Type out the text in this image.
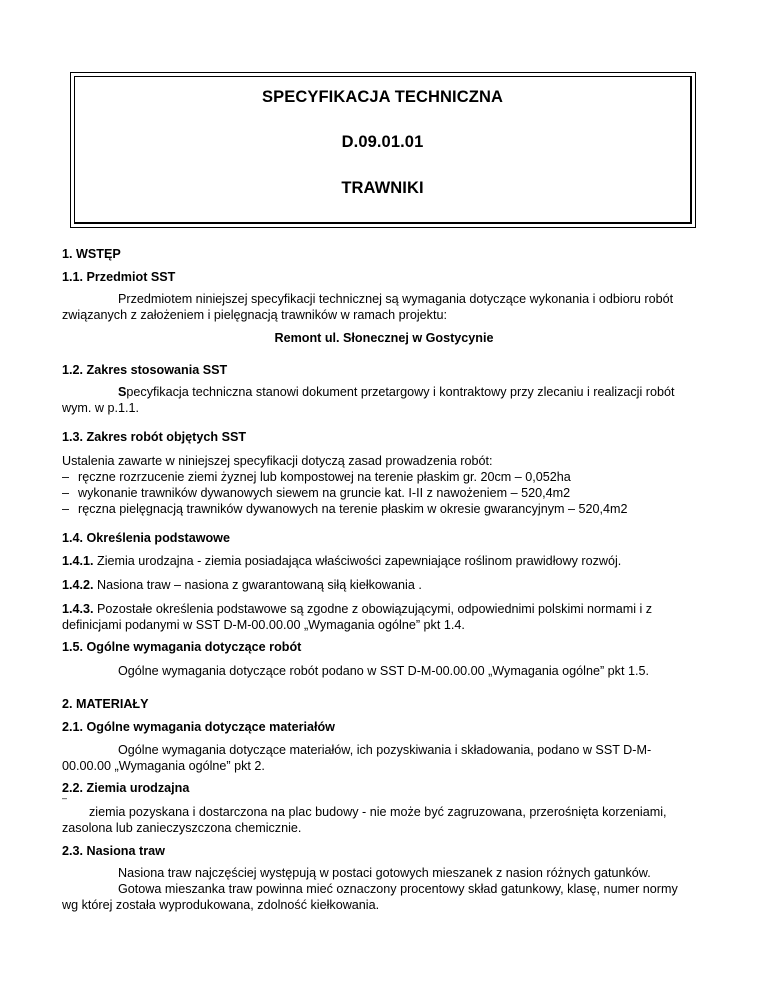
SPECYFIKACJA TECHNICZNA
D.09.01.01
TRAWNIKI
1. WSTĘP
1.1. Przedmiot SST
Przedmiotem niniejszej specyfikacji technicznej są wymagania dotyczące wykonania i odbioru robót
związanych z założeniem i pielęgnacją trawników w ramach projektu:
Remont ul. Słonecznej w Gostycynie
1.2. Zakres stosowania SST
Specyfikacja techniczna stanowi dokument przetargowy i kontraktowy przy zlecaniu i realizacji robót
wym. w p.1.1.
1.3. Zakres robót objętych SST
Ustalenia zawarte w niniejszej specyfikacji dotyczą zasad prowadzenia robót:
– ręczne rozrzucenie ziemi żyznej lub kompostowej na terenie płaskim gr. 20cm – 0,052ha
– wykonanie trawników dywanowych siewem na gruncie kat. I-II z nawożeniem – 520,4m2
– ręczna pielęgnacją trawników dywanowych na terenie płaskim w okresie gwarancyjnym – 520,4m2
1.4. Określenia podstawowe
1.4.1. Ziemia urodzajna - ziemia posiadająca właściwości zapewniające roślinom prawidłowy rozwój.
1.4.2. Nasiona traw – nasiona z gwarantowaną siłą kiełkowania .
1.4.3. Pozostałe określenia podstawowe są zgodne z obowiązującymi, odpowiednimi polskimi normami i z
definicjami podanymi w SST D-M-00.00.00 „Wymagania ogólne” pkt 1.4.
1.5. Ogólne wymagania dotyczące robót
Ogólne wymagania dotyczące robót podano w SST D-M-00.00.00 „Wymagania ogólne” pkt 1.5.
2. MATERIAŁY
2.1. Ogólne wymagania dotyczące materiałów
Ogólne wymagania dotyczące materiałów, ich pozyskiwania i składowania, podano w SST D-M-
00.00.00 „Wymagania ogólne” pkt 2.
2.2. Ziemia urodzajna
–
ziemia pozyskana i dostarczona na plac budowy - nie może być zagruzowana, przerośnięta korzeniami,
zasolona lub zanieczyszczona chemicznie.
2.3. Nasiona traw
Nasiona traw najczęściej występują w postaci gotowych mieszanek z nasion różnych gatunków.
Gotowa mieszanka traw powinna mieć oznaczony procentowy skład gatunkowy, klasę, numer normy
wg której została wyprodukowana, zdolność kiełkowania.
